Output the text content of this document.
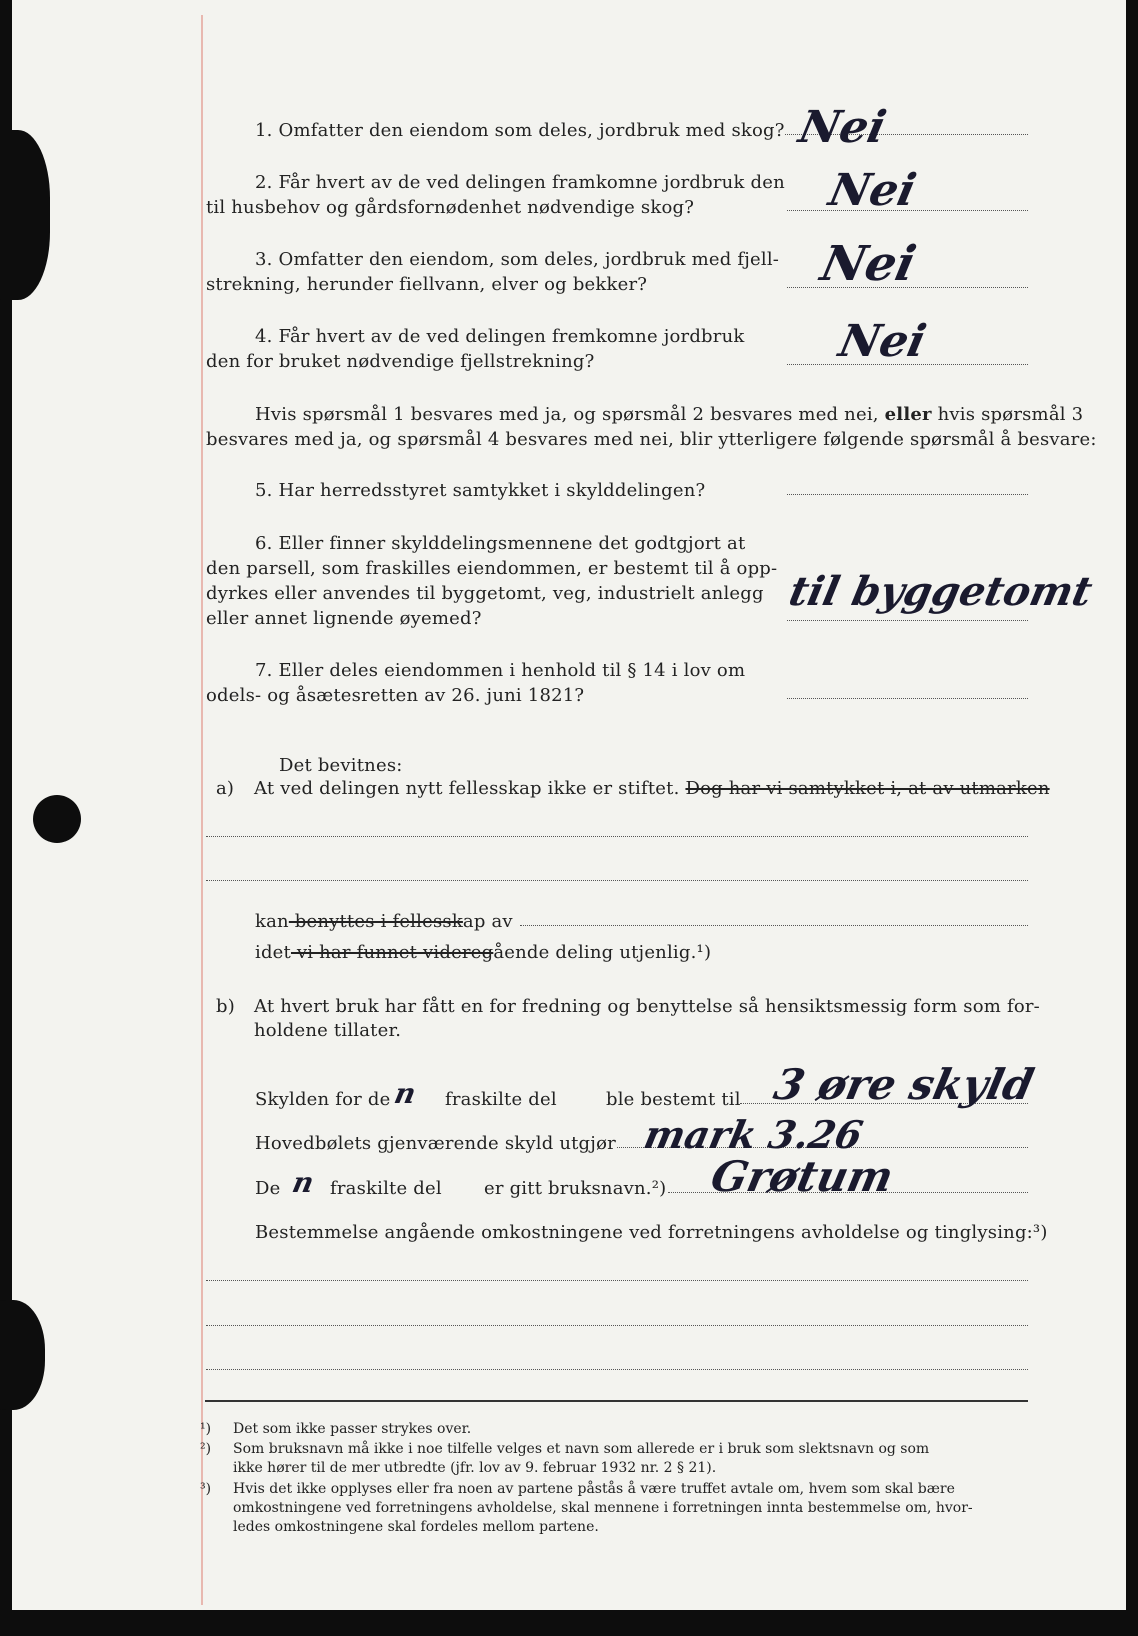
1. Omfatter den eiendom som deles, jordbruk med skog? Nei
2. Får hvert av de ved delingen framkomne jordbruk den
til husbehov og gårdsfornødenhet nødvendige skog?	Nei
3. Omfatter den eiendom, som deles, jordbruk med fjell-
strekning, herunder fiellvann, elver og bekker?	Nei
4. Får hvert av de ved delingen fremkomne jordbruk
den for bruket nødvendige fjellstrekning?	Nei
Hvis spørsmål 1 besvares med ja, og spørsmål 2 besvares med nei, eller hvis spørsmål 3
besvares med ja, og spørsmål 4 besvares med nei, blir ytterligere følgende spørsmål å besvare:
5. Har herredsstyret samtykket i skylddelingen?
6. Eller finner skylddelingsmennene det godtgjort at
den parsell, som fraskilles eiendommen, er bestemt til å opp-
dyrkes eller anvendes til byggetomt, veg, industrielt anlegg
eller annet lignende øyemed?
til byggetomt
7. Eller deles eiendommen i henhold til § 14 i lov om
odels- og åsætesretten av 26. juni 1821?
Det bevitnes:
a) At ved delingen nytt fellesskap ikke er stiftet. Dog har vi samtykket i, at av utmarken
kan benyttes i fellesskap av
idet vi har funnet videregående deling utjenlig.¹)
b) At hvert bruk har fått en for fredning og benyttelse så hensiktsmessig form som for-
holdene tillater.
Skylden for de n fraskilte del	ble bestemt til 3 øre skyld
Hovedbølets gjenværende skyld utgjør mark 3.26
De n fraskilte del er gitt bruksnavn.²) Grøtum
Bestemmelse angående omkostningene ved forretningens avholdelse og tinglysing:³)
¹) Det som ikke passer strykes over.
²) Som bruksnavn må ikke i noe tilfelle velges et navn som allerede er i bruk som slektsnavn og som
ikke hører til de mer utbredte (jfr. lov av 9. februar 1932 nr. 2 § 21).
³) Hvis det ikke opplyses eller fra noen av partene påstås å være truffet avtale om, hvem som skal bære
omkostningene ved forretningens avholdelse, skal mennene i forretningen innta bestemmelse om, hvor-
ledes omkostningene skal fordeles mellom partene.
